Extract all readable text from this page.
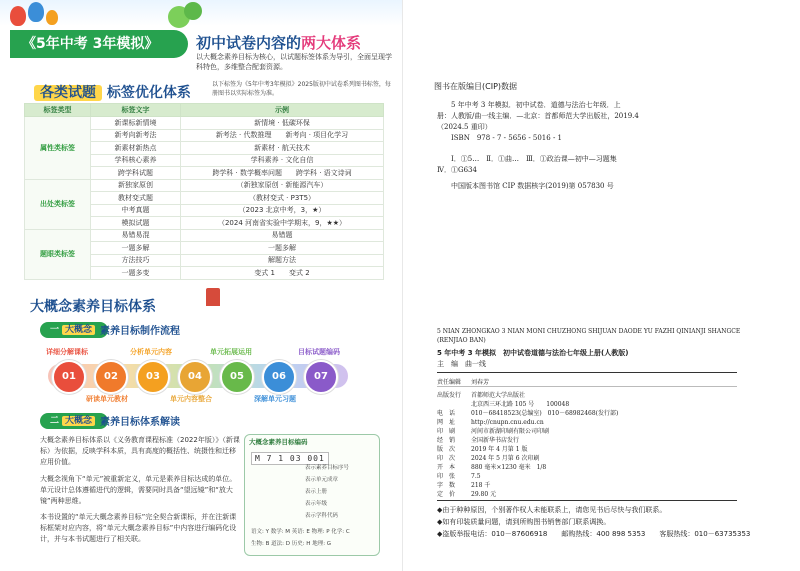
《5年中考 3年模拟》	初中试卷内容的两大体系
以大概念素养目标为核心，以试题标签体系为导引，全面呈现学科特色，多维整合配套资源。
各类试题 标签优化体系
以下标签为《5年中考3年模拟》2025版初中试卷系列图书标签，每册图书以实际标签为准。
标签类型	标签文字	示例
属性类标签	新课标新情境	新情境 · 低碳环保
	新考向新考法	新考法 · 代数推理　　新考向 · 项目化学习
	新素材新热点	新素材 · 航天技术
	学科核心素养	学科素养 · 文化自信
	跨学科试题	跨学科 · 数学概率问题　　跨学科 · 语文诗词
出处类标签	新独家原创	（新独家原创 · 新能源汽车）
	教材变式题	（教材变式 · P3T5）
	中考真题	（2023 北京中考，3，★）
	模拟试题	（2024 河南省实验中学期末，9，★★）
题眼类标签	易错易混	易错题
	一题多解	一题多解
	方法技巧	解题方法
	一题多变	变式 1　　变式 2
大概念素养目标体系
一 大概念 素养目标制作流程
01	02	03	04	05	06	07
详细分解课标	分析单元内容	单元拓展运用	目标试题编码
研读单元教材	单元内容整合	深解单元习题
二 大概念 素养目标体系解读
大概念素养目标体系以《义务教育课程标准（2022年版）》（新课标）为依据，反映学科本质，具有高度的概括性、统摄性和迁移应用价值。
大概念视角下“单元”被重新定义，单元是素养目标达成的单位。单元设计总体遵循进代的逻辑，需要同时具备“望远镜”和“放大镜”两种思维。
本书设置的“单元大概念素养目标”完全契合新课标，并在注新课标框架对应内容，将“单元大概念素养目标”中内容进行编码化设计，并与本书试题进行了相关联。
大概念素养目标编码
M 7 1 03 001
表示素养目标序号
表示单元成章
表示上册
表示年级
表示学科代码
语文: Y 数学: M 英语: E 物理: P 化学: C
生物: B 道法: D 历史: H 地理: G
图书在版编目(CIP)数据
5 年中考 3 年模拟．初中试卷．道德与法治七年级．上
册：人教版/曲一线主编．—北京：首都师范大学出版社，2019.4
（2024.5 重印）
ISBN　978 - 7 - 5656 - 5016 - 1
Ⅰ．①5…　Ⅱ．①曲…　Ⅲ．①政治课—初中—习题集
Ⅳ．①G634
中国版本图书馆 CIP 数据核字(2019)第 057830 号
5 NIAN ZHONGKAO 3 NIAN MONI CHUZHONG SHIJUAN DAODE YU FAZHI QINIANJI SHANGCE (RENJIAO BAN)
5 年中考 3 年模拟　初中试卷道德与法治七年级上册(人教版)
主　编　曲一线
责任编辑 刘春芳
出版发行 首都师范大学出版社
北京西三环北路 105 号　　100048
电　话	010－68418523(总编室)　010－68982468(发行部)
网　址	http://cnupn.cnu.edu.cn
印　刷	河间市新湖印刷有限公司印刷
经　销	全国新华书店发行
版　次	2019 年 4 月第 1 版
印　次	2024 年 5 月第 6 次印刷
开　本	880 毫米×1230 毫米　1/8
印　张	7.5
字　数	218 千
定　价	29.80 元
◆由于种种原因，个别著作权人未能联系上，请您见书后尽快与我们联系。
◆如有印装质量问题，请到所购图书销售部门联系调换。
◆盗版举报电话：010－87606918　　邮购热线：400 898 5353　　客服热线：010－63735353
